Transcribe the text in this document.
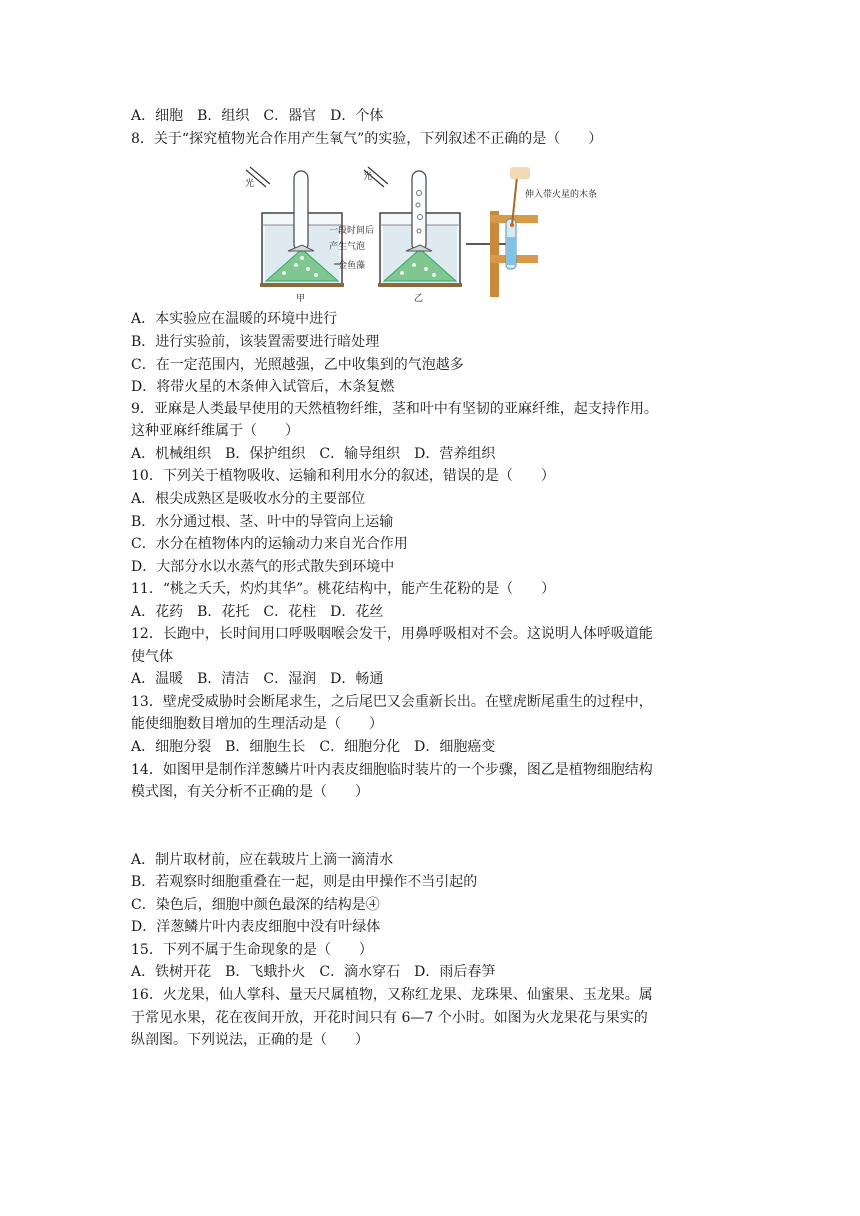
A．细胞　B．组织　C．器官　D．个体
8．关于“探究植物光合作用产生氧气”的实验，下列叙述不正确的是（　　）
光
甲
一段时间后
产生气泡
金鱼藻
光
乙
伸入带火星的木条
A．本实验应在温暖的环境中进行
B．进行实验前，该装置需要进行暗处理
C．在一定范围内，光照越强，乙中收集到的气泡越多
D．将带火星的木条伸入试管后，木条复燃
9．亚麻是人类最早使用的天然植物纤维，茎和叶中有坚韧的亚麻纤维，起支持作用。
这种亚麻纤维属于（　　）
A．机械组织　B．保护组织　C．输导组织　D．营养组织
10．下列关于植物吸收、运输和利用水分的叙述，错误的是（　　）
A．根尖成熟区是吸收水分的主要部位
B．水分通过根、茎、叶中的导管向上运输
C．水分在植物体内的运输动力来自光合作用
D．大部分水以水蒸气的形式散失到环境中
11．“桃之夭夭，灼灼其华”。桃花结构中，能产生花粉的是（　　）
A．花药　B．花托　C．花柱　D．花丝
12．长跑中，长时间用口呼吸咽喉会发干，用鼻呼吸相对不会。这说明人体呼吸道能
使气体
A．温暖　B．清洁　C．湿润　D．畅通
13．壁虎受威胁时会断尾求生，之后尾巴又会重新长出。在壁虎断尾重生的过程中，
能使细胞数目增加的生理活动是（　　）
A．细胞分裂　B．细胞生长　C．细胞分化　D．细胞癌变
14．如图甲是制作洋葱鳞片叶内表皮细胞临时装片的一个步骤，图乙是植物细胞结构
模式图，有关分析不正确的是（　　）
A．制片取材前，应在载玻片上滴一滴清水
B．若观察时细胞重叠在一起，则是由甲操作不当引起的
C．染色后，细胞中颜色最深的结构是④
D．洋葱鳞片叶内表皮细胞中没有叶绿体
15．下列不属于生命现象的是（　　）
A．铁树开花　B．飞蛾扑火　C．滴水穿石　D．雨后春笋
16．火龙果，仙人掌科、量天尺属植物，又称红龙果、龙珠果、仙蜜果、玉龙果。属
于常见水果，花在夜间开放，开花时间只有 6—7 个小时。如图为火龙果花与果实的
纵剖图。下列说法，正确的是（　　）
